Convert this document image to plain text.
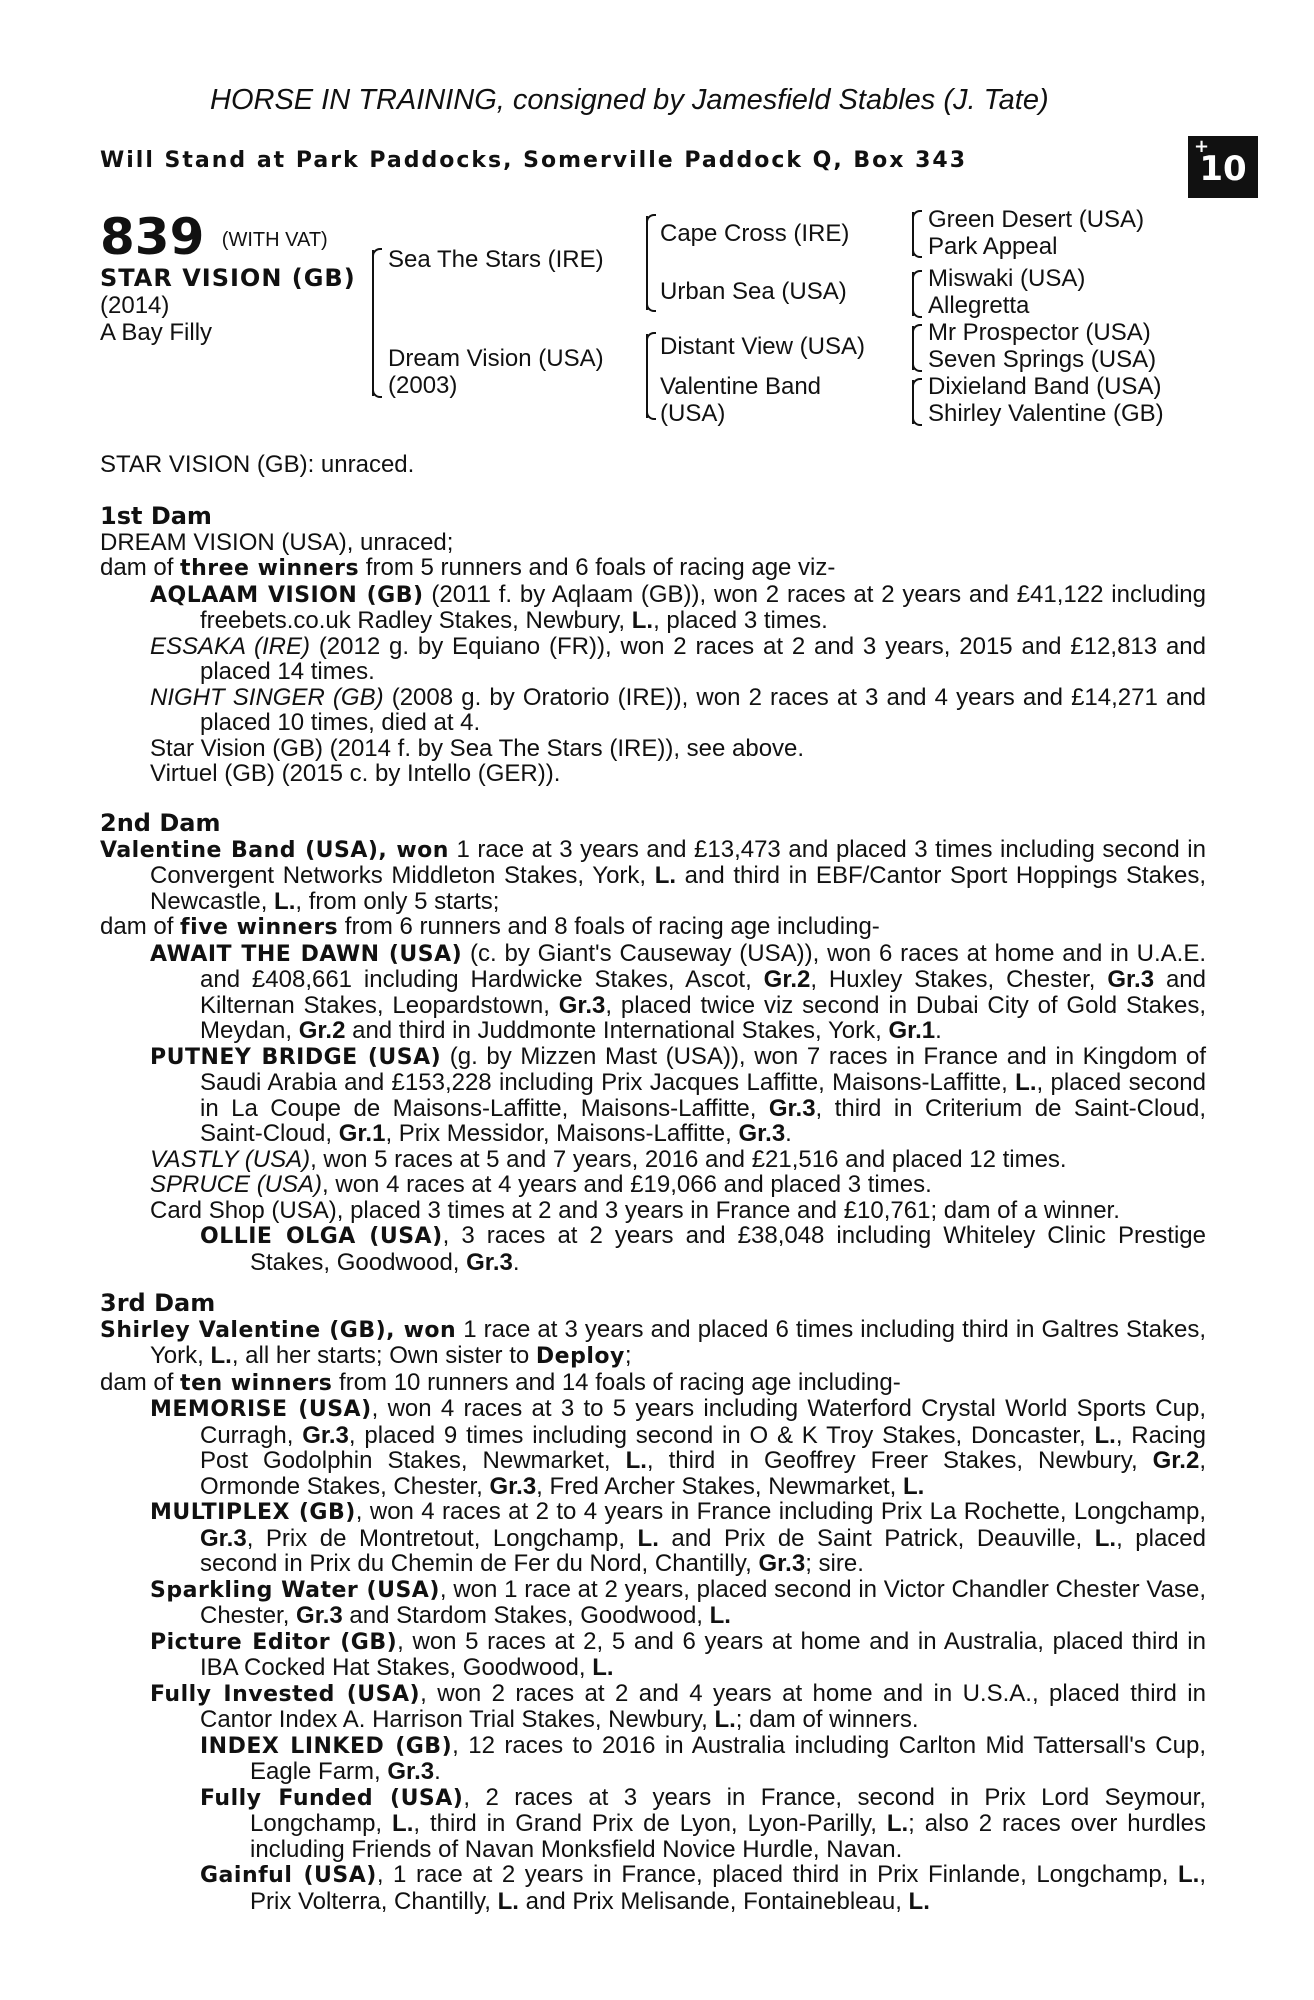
HORSE IN TRAINING, consigned by Jamesfield Stables (J. Tate)
Will Stand at Park Paddocks, Somerville Paddock Q, Box 343
+
10
839 (WITH VAT)
STAR VISION (GB)
(2014)
A Bay Filly
Sea The Stars (IRE)
Dream Vision (USA)
(2003)
Cape Cross (IRE)
Urban Sea (USA)
Distant View (USA)
Valentine Band
(USA)
Green Desert (USA)
Park Appeal
Miswaki (USA)
Allegretta
Mr Prospector (USA)
Seven Springs (USA)
Dixieland Band (USA)
Shirley Valentine (GB)
STAR VISION (GB): unraced.

1st Dam

DREAM VISION (USA), unraced;

dam of three winners from 5 runners and 6 foals of racing age viz-

AQLAAM VISION (GB) (2011 f. by Aqlaam (GB)), won 2 races at 2 years and £41,122 including freebets.co.uk Radley Stakes, Newbury, L., placed 3 times.

ESSAKA (IRE) (2012 g. by Equiano (FR)), won 2 races at 2 and 3 years, 2015 and £12,813 and placed 14 times.

NIGHT SINGER (GB) (2008 g. by Oratorio (IRE)), won 2 races at 3 and 4 years and £14,271 and placed 10 times, died at 4.

Star Vision (GB) (2014 f. by Sea The Stars (IRE)), see above.

Virtuel (GB) (2015 c. by Intello (GER)).

2nd Dam

Valentine Band (USA), won 1 race at 3 years and £13,473 and placed 3 times including second in Convergent Networks Middleton Stakes, York, L. and third in EBF/Cantor Sport Hoppings Stakes, Newcastle, L., from only 5 starts;

dam of five winners from 6 runners and 8 foals of racing age including-

AWAIT THE DAWN (USA) (c. by Giant's Causeway (USA)), won 6 races at home and in U.A.E. and £408,661 including Hardwicke Stakes, Ascot, Gr.2, Huxley Stakes, Chester, Gr.3 and Kilternan Stakes, Leopardstown, Gr.3, placed twice viz second in Dubai City of Gold Stakes, Meydan, Gr.2 and third in Juddmonte International Stakes, York, Gr.1.

PUTNEY BRIDGE (USA) (g. by Mizzen Mast (USA)), won 7 races in France and in Kingdom of Saudi Arabia and £153,228 including Prix Jacques Laffitte, Maisons-Laffitte, L., placed second in La Coupe de Maisons-Laffitte, Maisons-Laffitte, Gr.3, third in Criterium de Saint-Cloud, Saint-Cloud, Gr.1, Prix Messidor, Maisons-Laffitte, Gr.3.

VASTLY (USA), won 5 races at 5 and 7 years, 2016 and £21,516 and placed 12 times.

SPRUCE (USA), won 4 races at 4 years and £19,066 and placed 3 times.

Card Shop (USA), placed 3 times at 2 and 3 years in France and £10,761; dam of a winner.

OLLIE OLGA (USA), 3 races at 2 years and £38,048 including Whiteley Clinic Prestige Stakes, Goodwood, Gr.3.

3rd Dam

Shirley Valentine (GB), won 1 race at 3 years and placed 6 times including third in Galtres Stakes, York, L., all her starts; Own sister to Deploy;

dam of ten winners from 10 runners and 14 foals of racing age including-

MEMORISE (USA), won 4 races at 3 to 5 years including Waterford Crystal World Sports Cup, Curragh, Gr.3, placed 9 times including second in O & K Troy Stakes, Doncaster, L., Racing Post Godolphin Stakes, Newmarket, L., third in Geoffrey Freer Stakes, Newbury, Gr.2, Ormonde Stakes, Chester, Gr.3, Fred Archer Stakes, Newmarket, L.

MULTIPLEX (GB), won 4 races at 2 to 4 years in France including Prix La Rochette, Longchamp, Gr.3, Prix de Montretout, Longchamp, L. and Prix de Saint Patrick, Deauville, L., placed second in Prix du Chemin de Fer du Nord, Chantilly, Gr.3; sire.

Sparkling Water (USA), won 1 race at 2 years, placed second in Victor Chandler Chester Vase, Chester, Gr.3 and Stardom Stakes, Goodwood, L.

Picture Editor (GB), won 5 races at 2, 5 and 6 years at home and in Australia, placed third in IBA Cocked Hat Stakes, Goodwood, L.

Fully Invested (USA), won 2 races at 2 and 4 years at home and in U.S.A., placed third in Cantor Index A. Harrison Trial Stakes, Newbury, L.; dam of winners.

INDEX LINKED (GB), 12 races to 2016 in Australia including Carlton Mid Tattersall's Cup, Eagle Farm, Gr.3.

Fully Funded (USA), 2 races at 3 years in France, second in Prix Lord Seymour, Longchamp, L., third in Grand Prix de Lyon, Lyon-Parilly, L.; also 2 races over hurdles including Friends of Navan Monksfield Novice Hurdle, Navan.

Gainful (USA), 1 race at 2 years in France, placed third in Prix Finlande, Longchamp, L., Prix Volterra, Chantilly, L. and Prix Melisande, Fontainebleau, L.
